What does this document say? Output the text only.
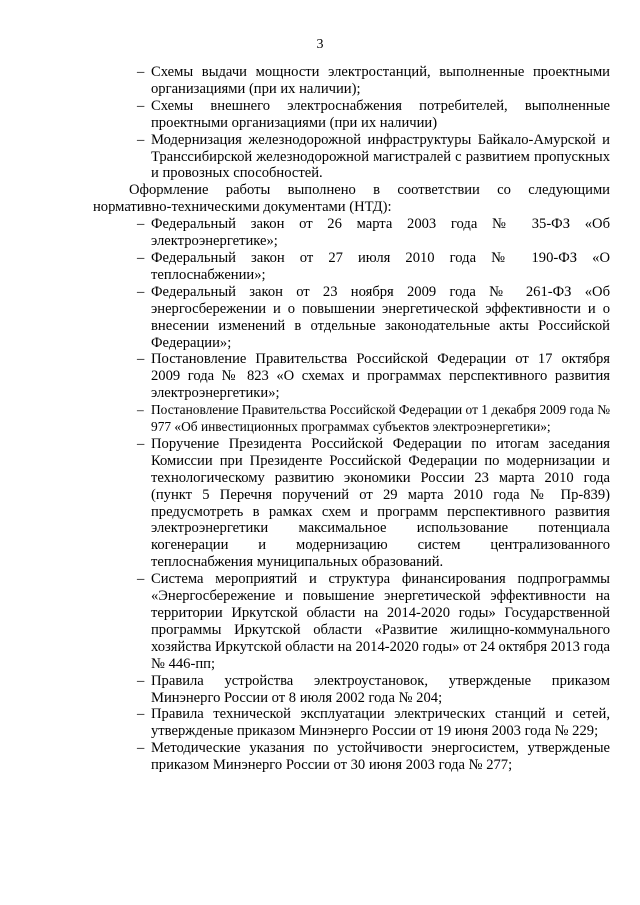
3
– Схемы выдачи мощности электростанций, выполненные проектными организациями (при их наличии);
– Схемы внешнего электроснабжения потребителей, выполненные проектными организациями (при их наличии)
– Модернизация железнодорожной инфраструктуры Байкало-Амурской и Транссибирской железнодорожной магистралей с развитием пропускных и провозных способностей.

Оформление работы выполнено в соответствии со следующими нормативно-техническими документами (НТД):

– Федеральный закон от 26 марта 2003 года № 35-ФЗ «Об электроэнергетике»;
– Федеральный закон от 27 июля 2010 года № 190-ФЗ «О теплоснабжении»;
– Федеральный закон от 23 ноября 2009 года № 261-ФЗ «Об энергосбережении и о повышении энергетической эффективности и о внесении изменений в отдельные законодательные акты Российской Федерации»;
– Постановление Правительства Российской Федерации от 17 октября 2009 года № 823 «О схемах и программах перспективного развития электроэнергетики»;
– Постановление Правительства Российской Федерации от 1 декабря 2009 года № 977 «Об инвестиционных программах субъектов электроэнергетики»;
– Поручение Президента Российской Федерации по итогам заседания Комиссии при Президенте Российской Федерации по модернизации и технологическому развитию экономики России 23 марта 2010 года (пункт 5 Перечня поручений от 29 марта 2010 года № Пр-839) предусмотреть в рамках схем и программ перспективного развития электроэнергетики максимальное использование потенциала когенерации и модернизацию систем централизованного теплоснабжения муниципальных образований.
– Система мероприятий и структура финансирования подпрограммы «Энергосбережение и повышение энергетической эффективности на территории Иркутской области на 2014-2020 годы» Государственной программы Иркутской области «Развитие жилищно-коммунального хозяйства Иркутской области на 2014-2020 годы» от 24 октября 2013 года № 446-пп;
– Правила устройства электроустановок, утвержденые приказом Минэнерго России от 8 июля 2002 года № 204;
– Правила технической эксплуатации электрических станций и сетей, утвержденые приказом Минэнерго России от 19 июня 2003 года № 229;
– Методические указания по устойчивости энергосистем, утвержденые приказом Минэнерго России от 30 июня 2003 года № 277;
